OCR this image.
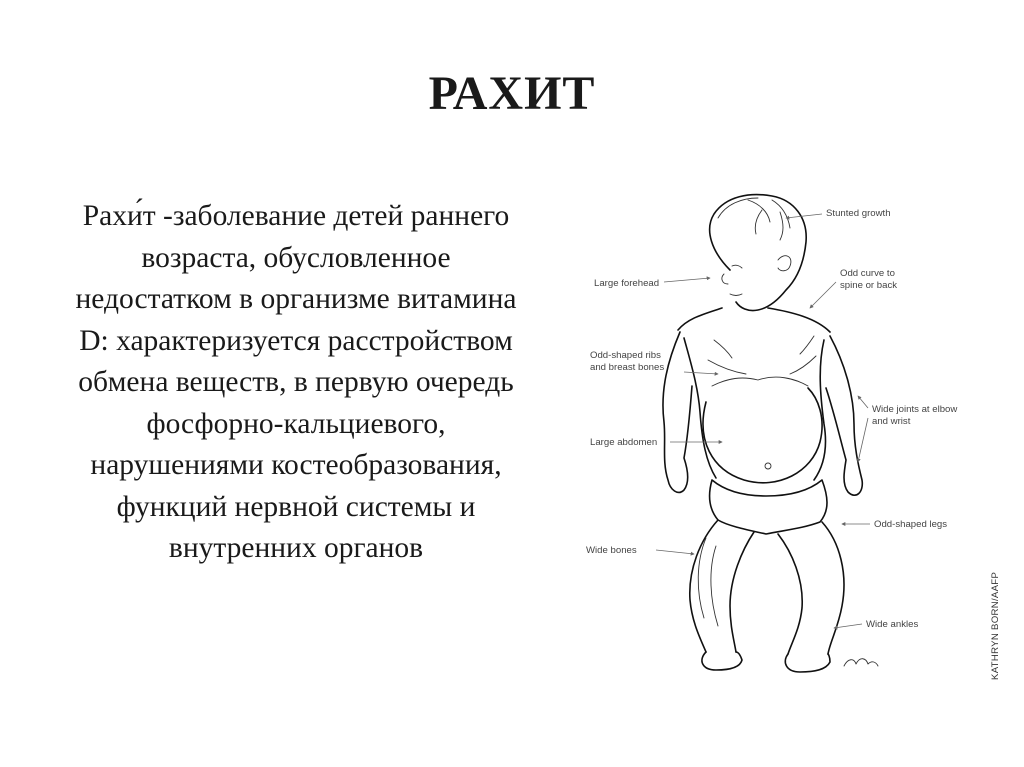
РАХИТ
Рахи́т -заболевание детей раннего
возраста, обусловленное
недостатком в организме витамина
D: характеризуется расстройством
обмена веществ, в первую очередь
фосфорно-кальциевого,
нарушениями костеобразования,
функций нервной системы и
внутренних органов
Stunted growth
Large forehead
Odd curve to
spine or back
Odd-shaped ribs
and breast bones
Wide joints at elbow
and wrist
Large abdomen
Odd-shaped legs
Wide bones
Wide ankles	KATHRYN BORN/AAFP
